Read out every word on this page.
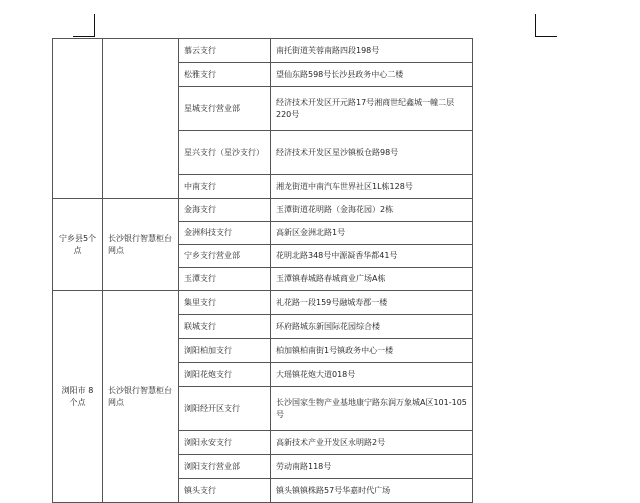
		慕云支行	南托街道芙蓉南路四段198号
		松雅支行	望仙东路598号长沙县政务中心二楼
		星城支行营业部	经济技术开发区开元路17号湘商世纪鑫城一幢二层220号
		星兴支行（星沙支行）	经济技术开发区星沙镇板仓路98号
		中南支行	湘龙街道中南汽车世界社区1L栋128号
宁乡县5个点	长沙银行智慧柜台网点	金海支行	玉潭街道花明路（金海花园）2栋
		金洲科技支行	高新区金洲北路1号
		宁乡支行营业部	花明北路348号中源凝香华都41号
		玉潭支行	玉潭镇春城路春城商业广场A栋
浏阳市 8个点	长沙银行智慧柜台网点	集里支行	礼花路一段159号融城寿郡一楼
		联城支行	环府路城东新国际花园综合楼
		浏阳柏加支行	柏加镇柏南街1号镇政务中心一楼
		浏阳花炮支行	大瑶镇花炮大道018号
		浏阳经开区支行	长沙国家生物产业基地康宁路东润万象城A区101-105号
		浏阳永安支行	高新技术产业开发区永明路2号
		浏阳支行营业部	劳动南路118号
		镇头支行	镇头镇镇株路57号华嘉时代广场
